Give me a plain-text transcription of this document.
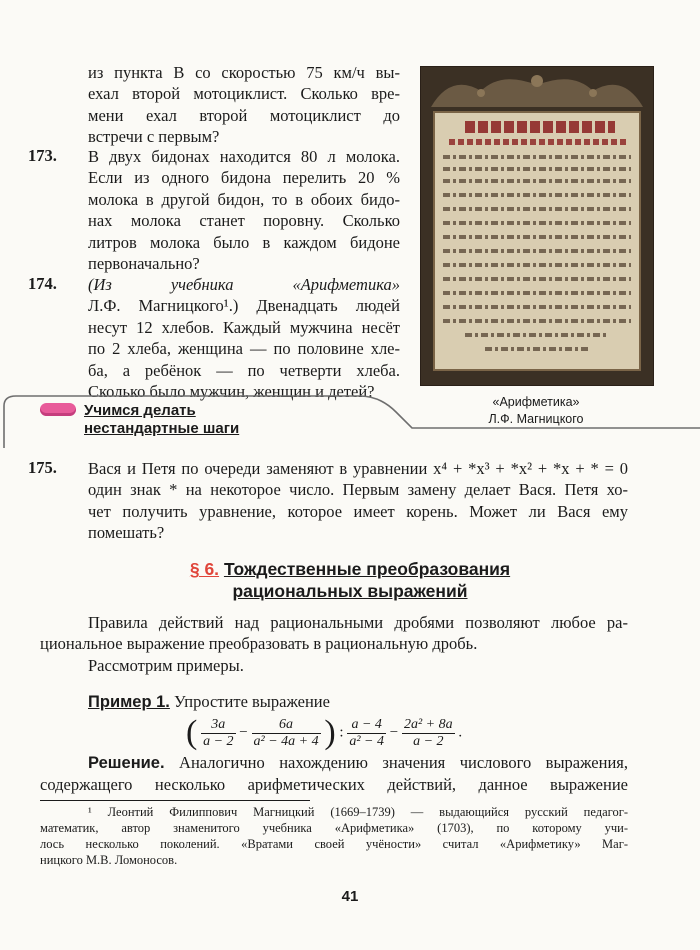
из пункта В со скоростью 75 км/ч вы-
ехал второй мотоциклист. Сколько вре-
мени ехал второй мотоциклист до
встречи с первым?
173. В двух бидонах находится 80 л молока.
Если из одного бидона перелить 20 %
молока в другой бидон, то в обоих бидо-
нах молока станет поровну. Сколько
литров молока было в каждом бидоне
первоначально?
174. (Из учебника «Арифметика»
Л.Ф. Магницкого¹.) Двенадцать людей
несут 12 хлебов. Каждый мужчина несёт
по 2 хлеба, женщина — по половине хле-
ба, а ребёнок — по четверти хлеба.
Сколько было мужчин, женщин и детей?
«Арифметика»
Л.Ф. Магницкого
Учимся делать
нестандартные шаги
175. Вася и Петя по очереди заменяют в уравнении x⁴ + *x³ + *x² + *x + * = 0
один знак * на некоторое число. Первым замену делает Вася. Петя хо-
чет получить уравнение, которое имеет корень. Может ли Вася ему
помешать?
§ 6. Тождественные преобразования
рациональных выражений
Правила действий над рациональными дробями позволяют любое ра-
циональное выражение преобразовать в рациональную дробь.
Рассмотрим примеры.
Пример 1. Упростите выражение
( $\frac{3a}{a - 2} - \frac{6a}{\text{a² − 4a + 4}}$ ) : $\frac{a - 4}{\text{a² − 4}} - \frac{\text{2a² + 8a}}{a - 2}$ .
Решение. Аналогично нахождению значения числового выражения,
содержащего несколько арифметических действий, данное выражение
¹ Леонтий Филиппович Магницкий (1669–1739) — выдающийся русский педагог-
математик, автор знаменитого учебника «Арифметика» (1703), по которому учи-
лось несколько поколений. «Вратами своей учёности» считал «Арифметику» Маг-
ницкого М.В. Ломоносов.
41
